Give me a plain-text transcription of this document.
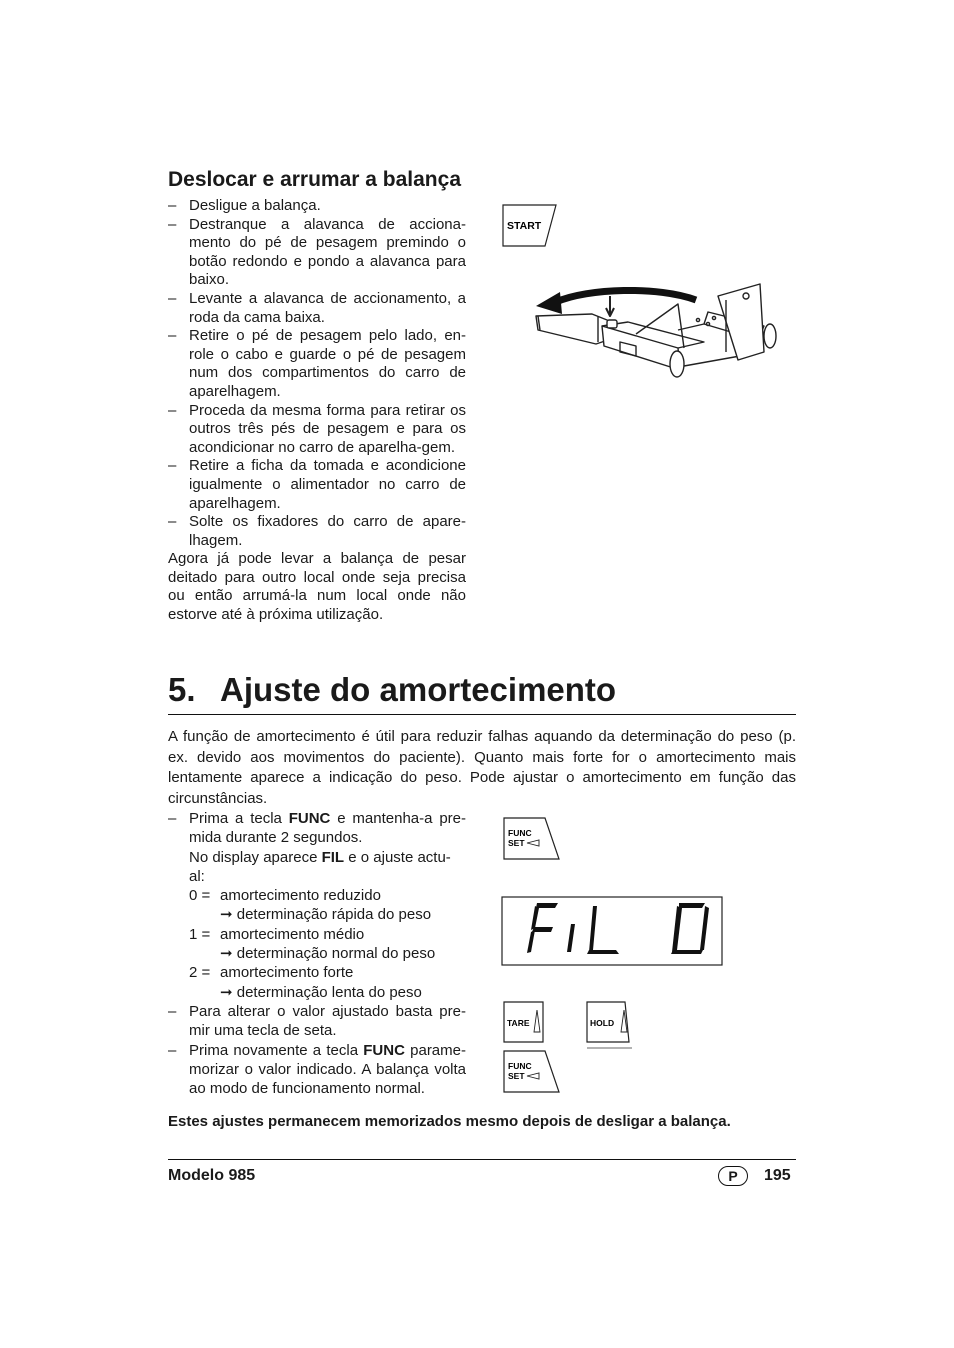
Deslocar e arrumar a balança
– Desligue a balança.
– Destranque a alavanca de acciona-mento do pé de pesagem premindo o botão redondo e pondo a alavanca para baixo.
– Levante a alavanca de accionamento, a roda da cama baixa.
– Retire o pé de pesagem pelo lado, en-role o cabo e guarde o pé de pesagem num dos compartimentos do carro de aparelhagem.
– Proceda da mesma forma para retirar os outros três pés de pesagem e para os acondicionar no carro de aparelha-gem.
– Retire a ficha da tomada e acondicione igualmente o alimentador no carro de aparelhagem.
– Solte os fixadores do carro de apare-lhagem.

Agora já pode levar a balança de pesar deitado para outro local onde seja precisa ou então arrumá-la num local onde não estorve até à próxima utilização.

START
5. Ajuste do amortecimento

A função de amortecimento é útil para reduzir falhas aquando da determinação do peso (p. ex. devido aos movimentos do paciente). Quanto mais forte for o amortecimento mais lentamente aparece a indicação do peso. Pode ajustar o amortecimento em função das circunstâncias.

– Prima a tecla FUNC e mantenha-a pre-mida durante 2 segundos.
No display aparece FIL e o ajuste actu-al:
0 = amortecimento reduzido
➞ determinação rápida do peso
1 = amortecimento médio
➞ determinação normal do peso
2 = amortecimento forte
➞ determinação lenta do peso
– Para alterar o valor ajustado basta pre-mir uma tecla de seta.
– Prima novamente a tecla FUNC parame-morizar o valor indicado. A balança volta ao modo de funcionamento normal.
FUNC
SET
TARE	HOLD
FUNC
SET
Estes ajustes permanecem memorizados mesmo depois de desligar a balança.
Modelo 985	P	195
